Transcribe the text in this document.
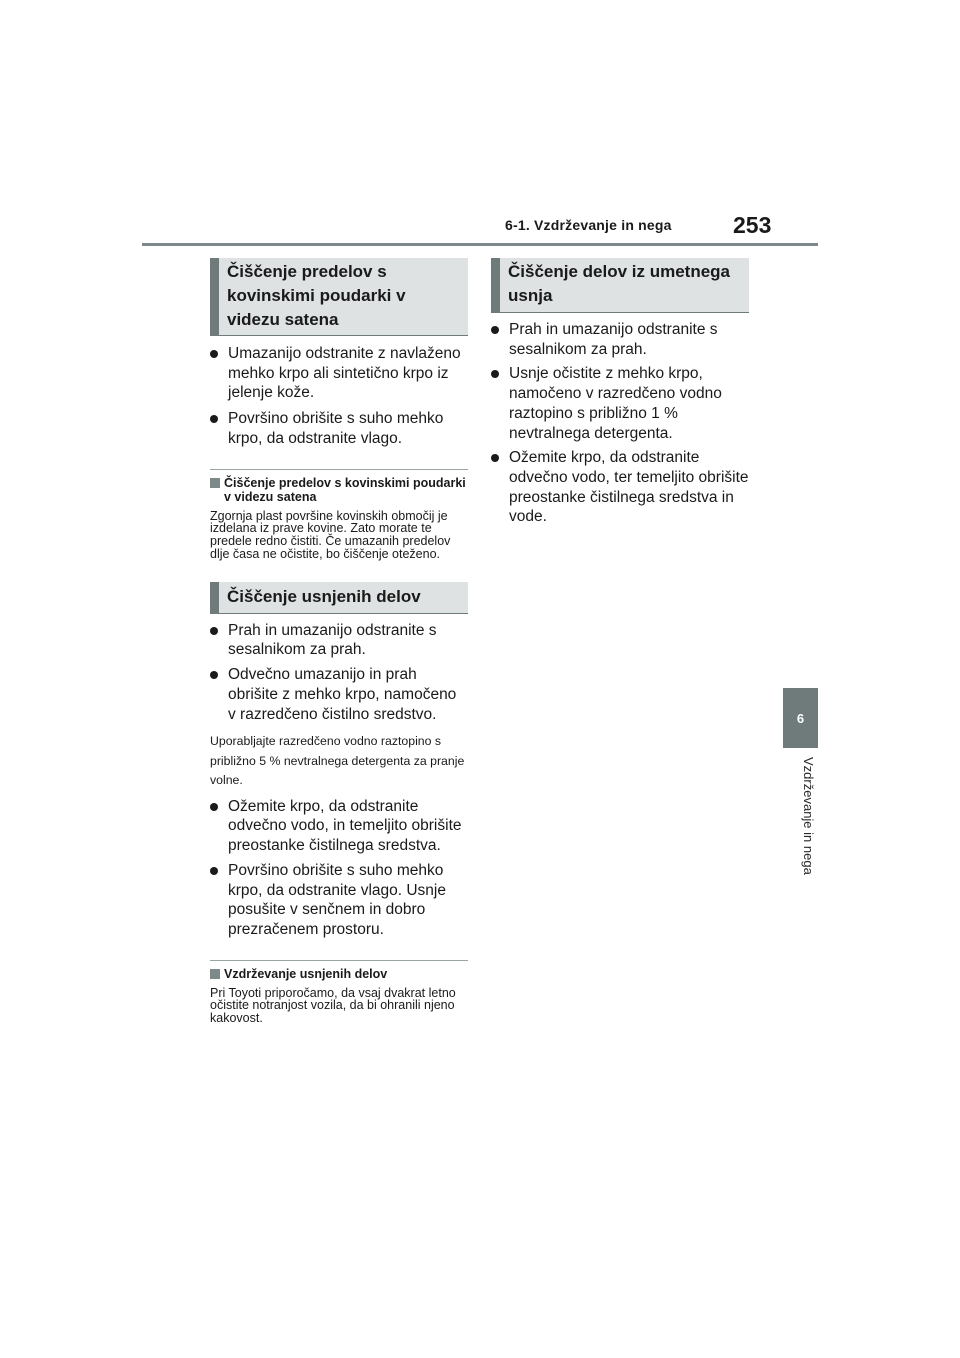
6-1. Vzdrževanje in nega	253
6
Vzdrževanje in nega
Čiščenje predelov s kovinskimi poudarki v videzu satena
Umazanijo odstranite z navlaženo mehko krpo ali sintetično krpo iz jelenje kože.
Površino obrišite s suho mehko krpo, da odstranite vlago.
Čiščenje predelov s kovinskimi poudarki v videzu satena
Zgornja plast površine kovinskih območij je izdelana iz prave kovine. Zato morate te predele redno čistiti. Če umazanih predelov dlje časa ne očistite, bo čiščenje oteženo.
Čiščenje usnjenih delov
Prah in umazanijo odstranite s sesalnikom za prah.
Odvečno umazanijo in prah obrišite z mehko krpo, namočeno v razredčeno čistilno sredstvo.

Uporabljajte razredčeno vodno raztopino s približno 5 % nevtralnega detergenta za pranje volne.

Ožemite krpo, da odstranite odvečno vodo, in temeljito obrišite preostanke čistilnega sredstva.
Površino obrišite s suho mehko krpo, da odstranite vlago. Usnje posušite v senčnem in dobro prezračenem prostoru.
Vzdrževanje usnjenih delov
Pri Toyoti priporočamo, da vsaj dvakrat letno očistite notranjost vozila, da bi ohranili njeno kakovost.
Čiščenje delov iz umetnega usnja
Prah in umazanijo odstranite s sesalnikom za prah.
Usnje očistite z mehko krpo, namočeno v razredčeno vodno raztopino s približno 1 % nevtralnega detergenta.
Ožemite krpo, da odstranite odvečno vodo, ter temeljito obrišite preostanke čistilnega sredstva in vode.
